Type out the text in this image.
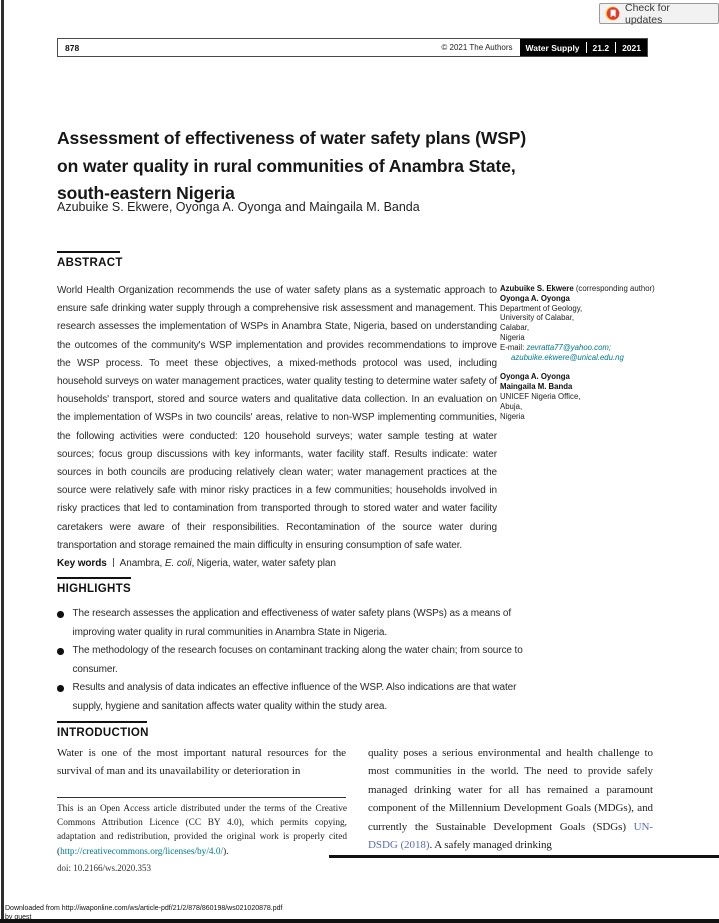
Check for updates
878	© 2021 The Authors	Water Supply	21.2	2021
Assessment of effectiveness of water safety plans (WSP)
on water quality in rural communities of Anambra State,
south-eastern Nigeria
Azubuike S. Ekwere, Oyonga A. Oyonga and Maingaila M. Banda
ABSTRACT
World Health Organization recommends the use of water safety plans as a systematic approach to ensure safe drinking water supply through a comprehensive risk assessment and management. This research assesses the implementation of WSPs in Anambra State, Nigeria, based on understanding the outcomes of the community's WSP implementation and provides recommendations to improve the WSP process. To meet these objectives, a mixed-methods protocol was used, including household surveys on water management practices, water quality testing to determine water safety of households' transport, stored and source waters and qualitative data collection. In an evaluation on the implementation of WSPs in two councils' areas, relative to non-WSP implementing communities, the following activities were conducted: 120 household surveys; water sample testing at water sources; focus group discussions with key informants, water facility staff. Results indicate: water sources in both councils are producing relatively clean water; water management practices at the source were relatively safe with minor risky practices in a few communities; households involved in risky practices that led to contamination from transported through to stored water and water facility caretakers were aware of their responsibilities. Recontamination of the source water during transportation and storage remained the main difficulty in ensuring consumption of safe water.
Key words Anambra, E. coli, Nigeria, water, water safety plan
Azubuike S. Ekwere (corresponding author)
Oyonga A. Oyonga
Department of Geology,
University of Calabar,
Calabar,
Nigeria
E-mail: zevratta77@yahoo.com;
azubuike.ekwere@unical.edu.ng
Oyonga A. Oyonga
Maingaila M. Banda
UNICEF Nigeria Office,
Abuja,
Nigeria
HIGHLIGHTS
The research assesses the application and effectiveness of water safety plans (WSPs) as a means of improving water quality in rural communities in Anambra State in Nigeria.
The methodology of the research focuses on contaminant tracking along the water chain; from source to consumer.
Results and analysis of data indicates an effective influence of the WSP. Also indications are that water supply, hygiene and sanitation affects water quality within the study area.
INTRODUCTION
Water is one of the most important natural resources for the survival of man and its unavailability or deterioration in
quality poses a serious environmental and health challenge to most communities in the world. The need to provide safely managed drinking water for all has remained a paramount component of the Millennium Development Goals (MDGs), and currently the Sustainable Development Goals (SDGs) UN-DSDG (2018). A safely managed drinking
This is an Open Access article distributed under the terms of the Creative Commons Attribution Licence (CC BY 4.0), which permits copying, adaptation and redistribution, provided the original work is properly cited (http://creativecommons.org/licenses/by/4.0/).
doi: 10.2166/ws.2020.353
Downloaded from http://iwaponline.com/ws/article-pdf/21/2/878/860198/ws021020878.pdf
by guest
